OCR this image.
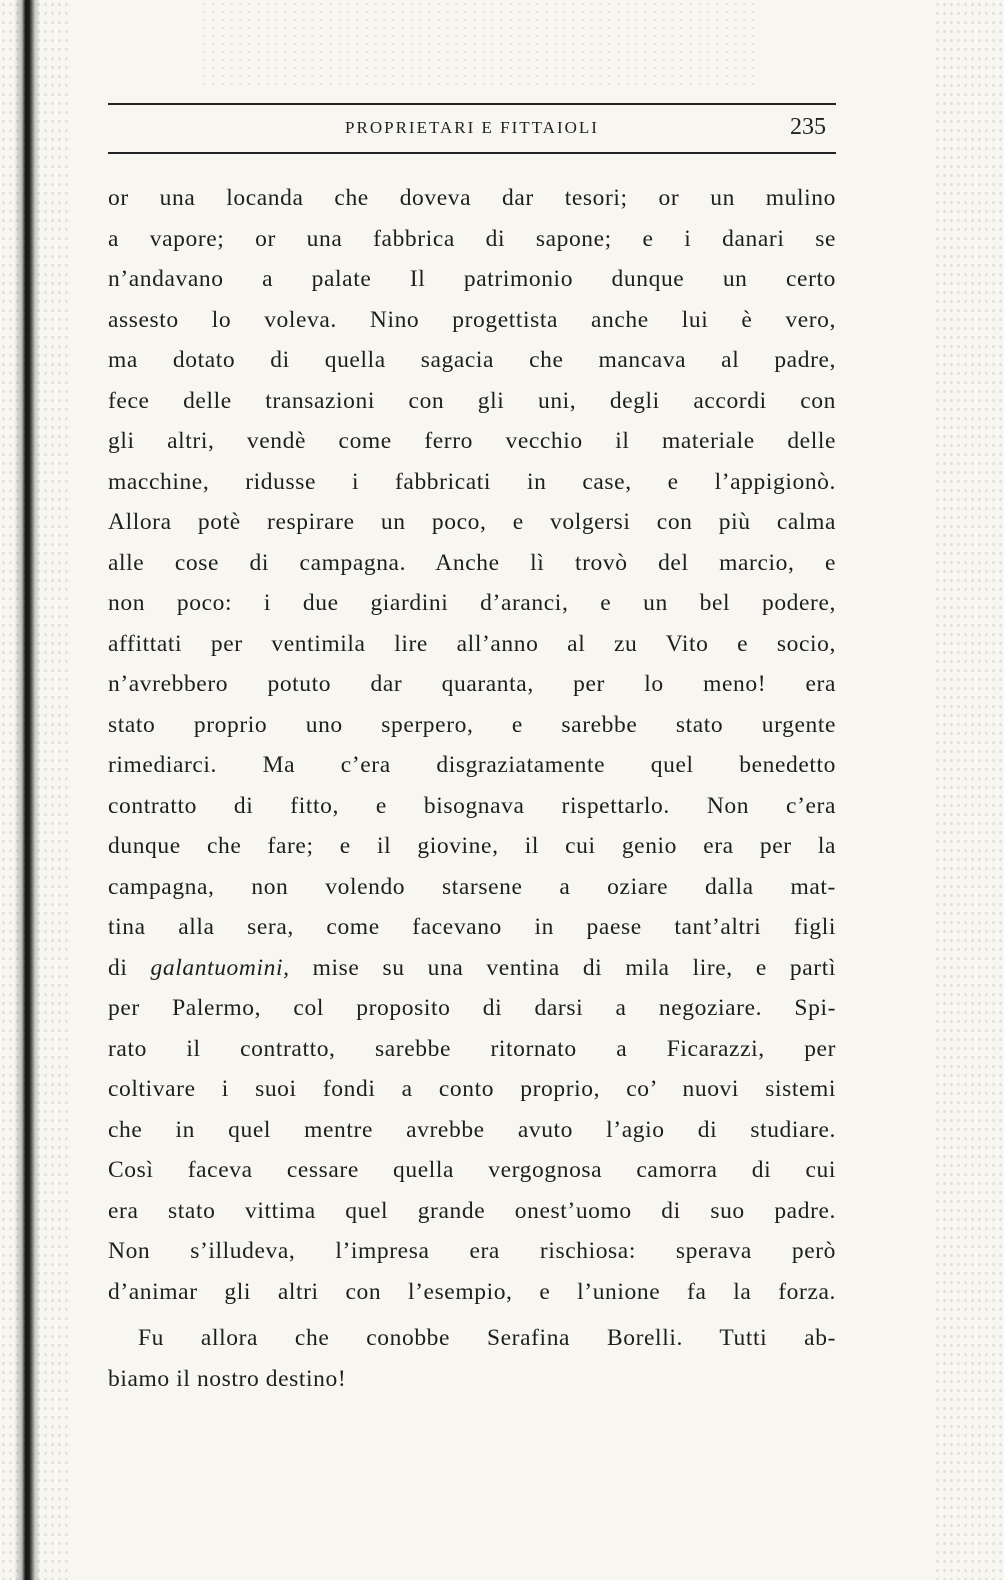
PROPRIETARI E FITTAIOLI	235
or una locanda che doveva dar tesori; or un mulino
a vapore; or una fabbrica di sapone; e i danari se
n’andavano a palate Il patrimonio dunque un certo
assesto lo voleva. Nino progettista anche lui è vero,
ma dotato di quella sagacia che mancava al padre,
fece delle transazioni con gli uni, degli accordi con
gli altri, vendè come ferro vecchio il materiale delle
macchine, ridusse i fabbricati in case, e l’appigionò.
Allora potè respirare un poco, e volgersi con più calma
alle cose di campagna. Anche lì trovò del marcio, e
non poco: i due giardini d’aranci, e un bel podere,
affittati per ventimila lire all’anno al zu Vito e socio,
n’avrebbero potuto dar quaranta, per lo meno! era
stato proprio uno sperpero, e sarebbe stato urgente
rimediarci. Ma c’era disgraziatamente quel benedetto
contratto di fitto, e bisognava rispettarlo. Non c’era
dunque che fare; e il giovine, il cui genio era per la
campagna, non volendo starsene a oziare dalla mat-
tina alla sera, come facevano in paese tant’altri figli
di galantuomini, mise su una ventina di mila lire, e partì
per Palermo, col proposito di darsi a negoziare. Spi-
rato il contratto, sarebbe ritornato a Ficarazzi, per
coltivare i suoi fondi a conto proprio, co’ nuovi sistemi
che in quel mentre avrebbe avuto l’agio di studiare.
Così faceva cessare quella vergognosa camorra di cui
era stato vittima quel grande onest’uomo di suo padre.
Non s’illudeva, l’impresa era rischiosa: sperava però
d’animar gli altri con l’esempio, e l’unione fa la forza.
Fu allora che conobbe Serafina Borelli. Tutti ab-
biamo il nostro destino!
